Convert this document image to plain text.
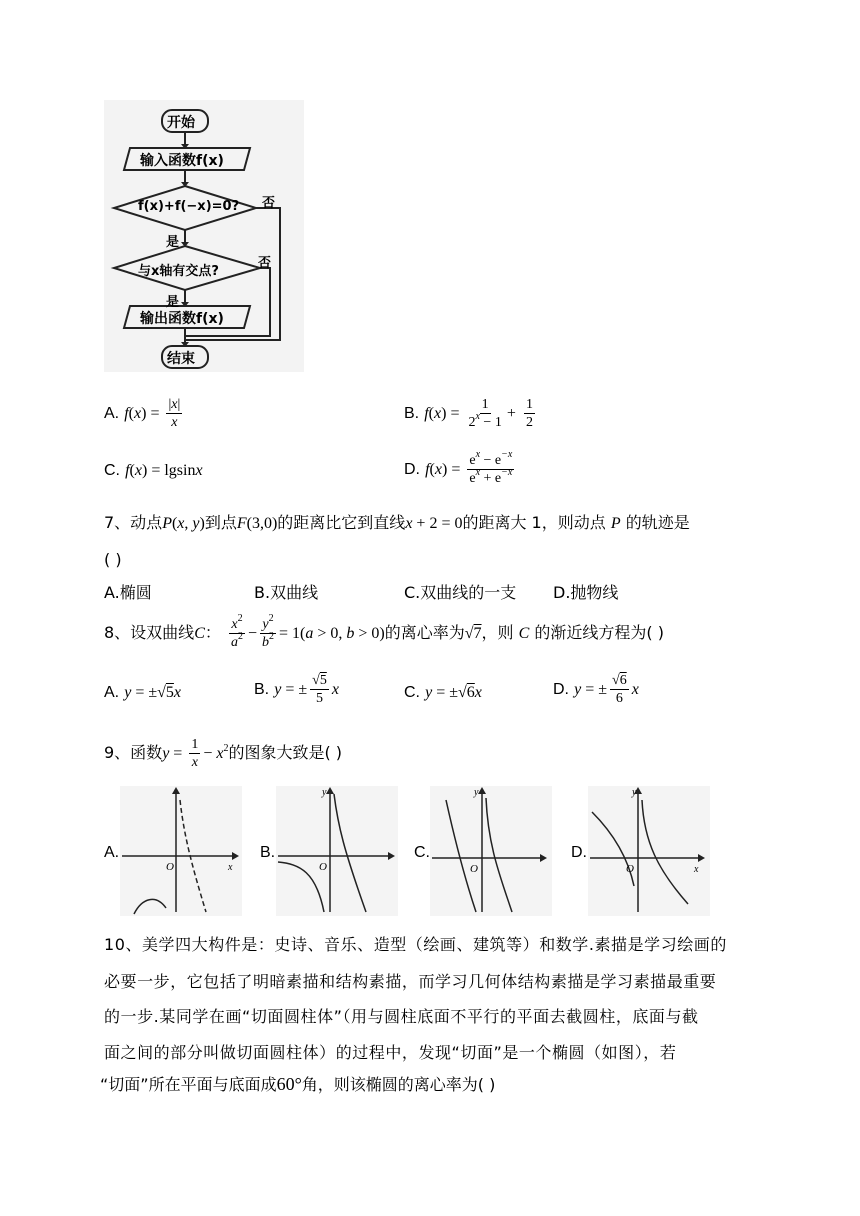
开始
输入函数f(x)
f(x)+f(−x)=0?
与x轴有交点?
是
是
否
否
输出函数f(x)
结束
A. $f(x) = \frac{|x|}{x}$	B. $f(x) = \frac{1}{2^x - 1} + \frac{1}{2}$
C. f(x) = lgsinx	D. $f(x) = \frac{e^x - e^{-x}}{e^x + e^{-x}}$
7、动点P(x, y)到点F(3,0)的距离比它到直线x + 2 = 0的距离大 1，则动点 P 的轨迹是
( )
A.椭圆	B.双曲线	C.双曲线的一支 D.抛物线
8、设双曲线C： $\frac{x^2}{a^2} - \frac{y^2}{b^2} = 1(a > 0$, b > 0)的离心率为√7，则 C 的渐近线方程为( )
A. y = ±√5x	B. y = ± $\frac{√5}{5}$ x	C. y = ±√6x	D. y = ± $\frac{√6}{6}$ x
9、函数$y = \frac{1}{x} - x^2$的图象大致是( )
A.
O	x
B.
O
y
C.
O
y
D.
O
y
x
10、美学四大构件是：史诗、音乐、造型（绘画、建筑等）和数学.素描是学习绘画的
必要一步，它包括了明暗素描和结构素描，而学习几何体结构素描是学习素描最重要
的一步.某同学在画“切面圆柱体”（用与圆柱底面不平行的平面去截圆柱，底面与截
面之间的部分叫做切面圆柱体）的过程中，发现“切面”是一个椭圆（如图），若
“切面”所在平面与底面成60°角，则该椭圆的离心率为( )
